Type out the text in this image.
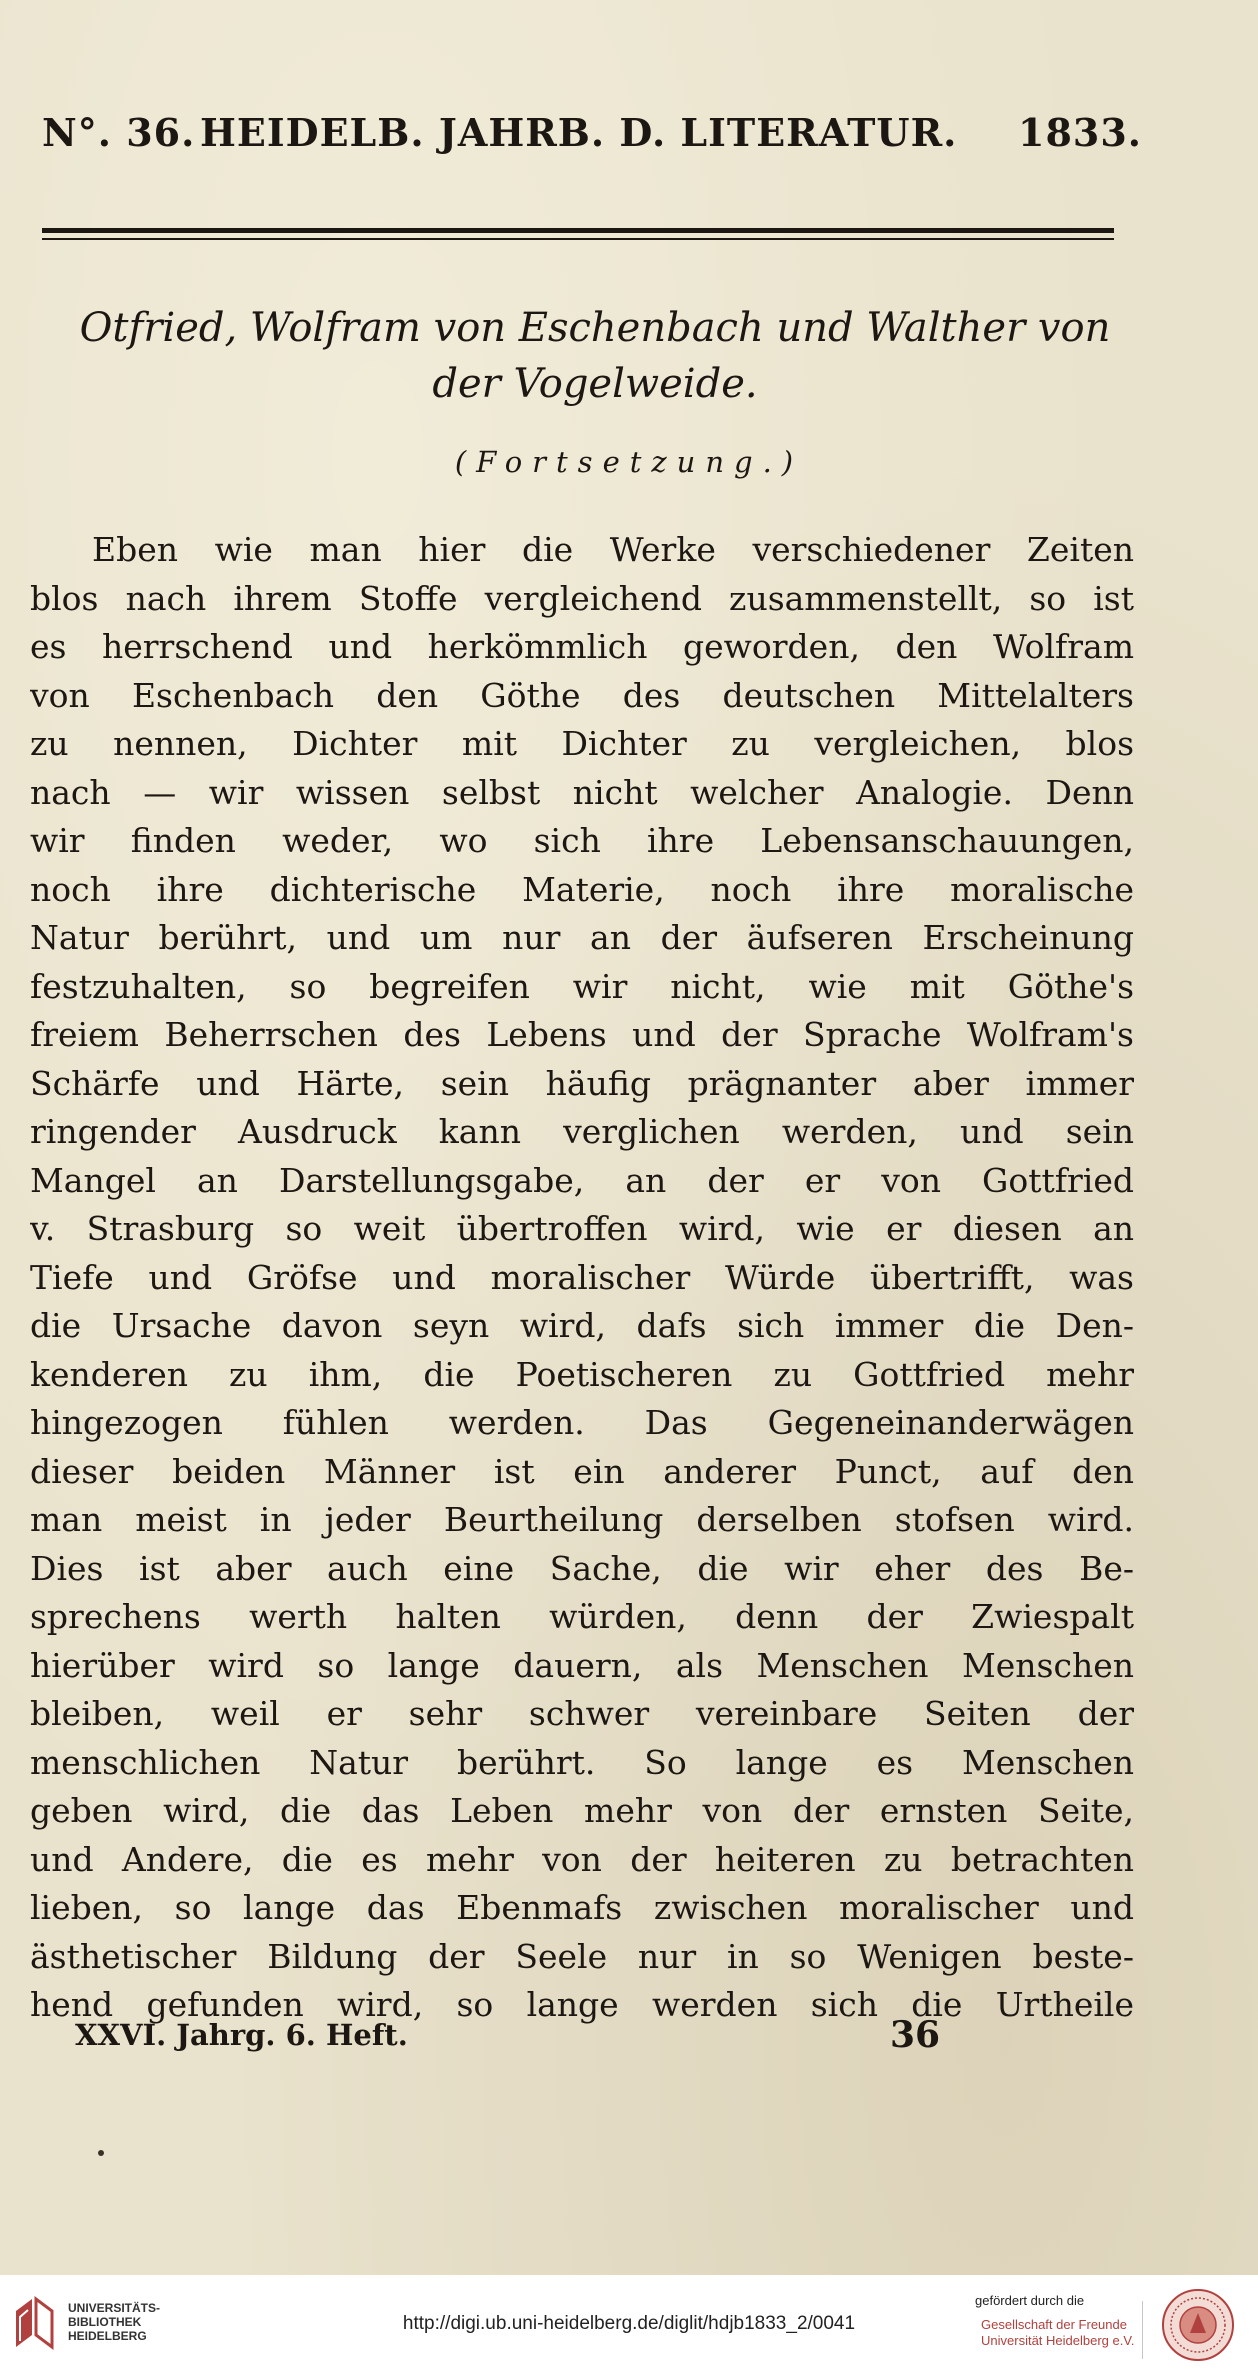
N°. 36. HEIDELB. JAHRB. D. LITERATUR. 1833.
Otfried, Wolfram von Eschenbach und Walther von
der Vogelweide.
(Fortsetzung.)
Eben wie man hier die Werke verschiedener Zeiten
blos nach ihrem Stoffe vergleichend zusammenstellt, so ist
es herrschend und herkömmlich geworden, den Wolfram
von Eschenbach den Göthe des deutschen Mittelalters
zu nennen, Dichter mit Dichter zu vergleichen, blos
nach — wir wissen selbst nicht welcher Analogie. Denn
wir finden weder, wo sich ihre Lebensanschauungen,
noch ihre dichterische Materie, noch ihre moralische
Natur berührt, und um nur an der äufseren Erscheinung
festzuhalten, so begreifen wir nicht, wie mit Göthe's
freiem Beherrschen des Lebens und der Sprache Wolfram's
Schärfe und Härte, sein häufig prägnanter aber immer
ringender Ausdruck kann verglichen werden, und sein
Mangel an Darstellungsgabe, an der er von Gottfried
v. Strasburg so weit übertroffen wird, wie er diesen an
Tiefe und Gröfse und moralischer Würde übertrifft, was
die Ursache davon seyn wird, dafs sich immer die Den-
kenderen zu ihm, die Poetischeren zu Gottfried mehr
hingezogen fühlen werden. Das Gegeneinanderwägen
dieser beiden Männer ist ein anderer Punct, auf den
man meist in jeder Beurtheilung derselben stofsen wird.
Dies ist aber auch eine Sache, die wir eher des Be-
sprechens werth halten würden, denn der Zwiespalt
hierüber wird so lange dauern, als Menschen Menschen
bleiben, weil er sehr schwer vereinbare Seiten der
menschlichen Natur berührt. So lange es Menschen
geben wird, die das Leben mehr von der ernsten Seite,
und Andere, die es mehr von der heiteren zu betrachten
lieben, so lange das Ebenmafs zwischen moralischer und
ästhetischer Bildung der Seele nur in so Wenigen beste-
hend gefunden wird, so lange werden sich die Urtheile
XXVI. Jahrg. 6. Heft.	36
UNIVERSITÄTS-
BIBLIOTHEK
HEIDELBERG
http://digi.ub.uni-heidelberg.de/diglit/hdjb1833_2/0041
gefördert durch die
Gesellschaft der Freunde
Universität Heidelberg e.V.
